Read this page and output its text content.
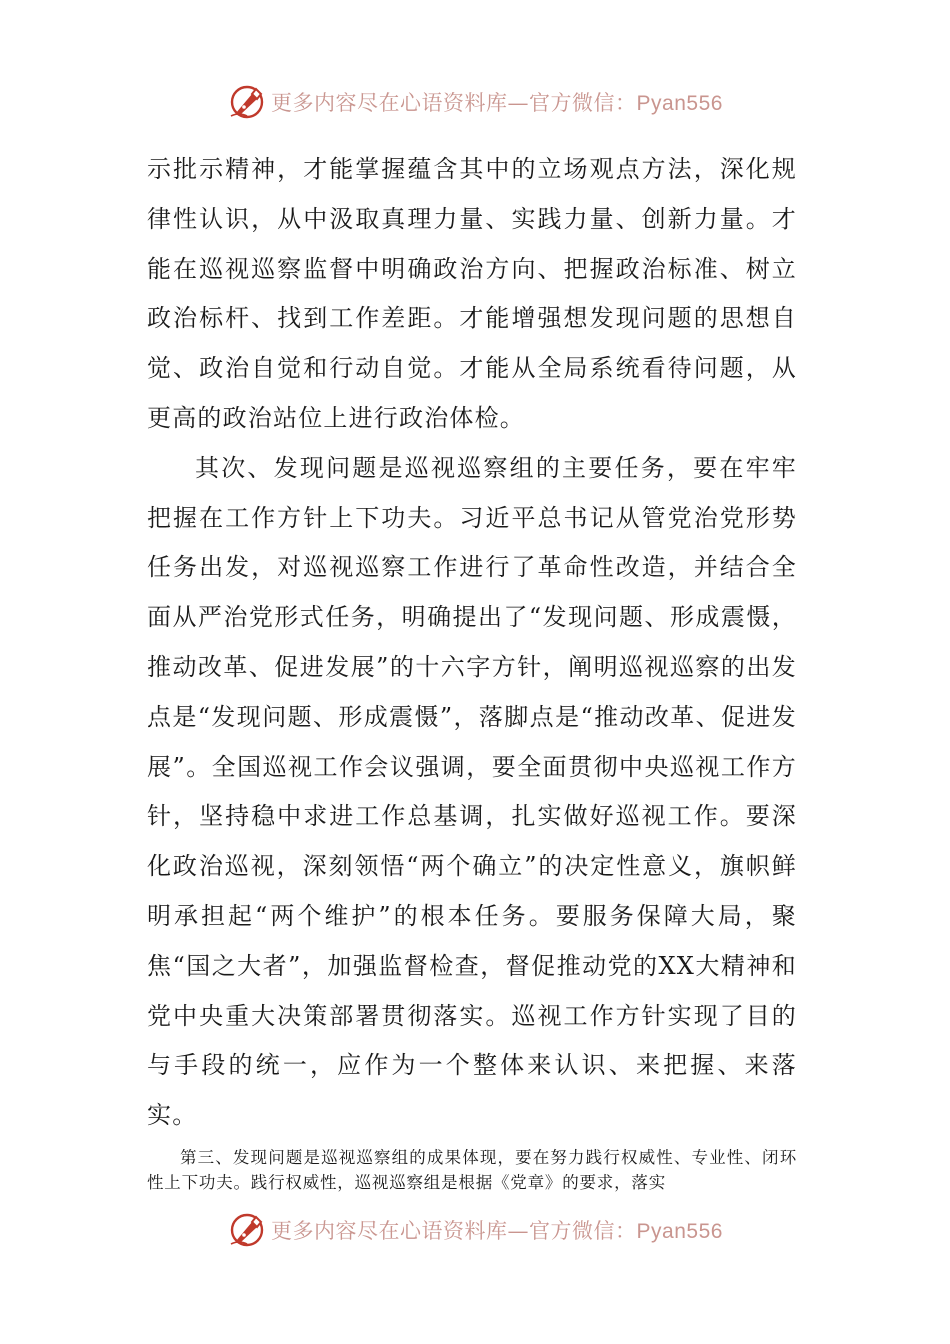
更多内容尽在心语资料库—官方微信：Pyan556

示批示精神，才能掌握蕴含其中的立场观点方法，深化规律性认识，从中汲取真理力量、实践力量、创新力量。才能在巡视巡察监督中明确政治方向、把握政治标准、树立政治标杆、找到工作差距。才能增强想发现问题的思想自觉、政治自觉和行动自觉。才能从全局系统看待问题，从更高的政治站位上进行政治体检。

其次、发现问题是巡视巡察组的主要任务，要在牢牢把握在工作方针上下功夫。习近平总书记从管党治党形势任务出发，对巡视巡察工作进行了革命性改造，并结合全面从严治党形式任务，明确提出了“发现问题、形成震慑，推动改革、促进发展”的十六字方针，阐明巡视巡察的出发点是“发现问题、形成震慑”，落脚点是“推动改革、促进发展”。全国巡视工作会议强调，要全面贯彻中央巡视工作方针，坚持稳中求进工作总基调，扎实做好巡视工作。要深化政治巡视，深刻领悟“两个确立”的决定性意义，旗帜鲜明承担起“两个维护”的根本任务。要服务保障大局，聚焦“国之大者”，加强监督检查，督促推动党的XX大精神和党中央重大决策部署贯彻落实。巡视工作方针实现了目的与手段的统一，应作为一个整体来认识、来把握、来落实。

第三、发现问题是巡视巡察组的成果体现，要在努力践行权威性、专业性、闭环性上下功夫。践行权威性，巡视巡察组是根据《党章》的要求，落实

更多内容尽在心语资料库—官方微信：Pyan556
